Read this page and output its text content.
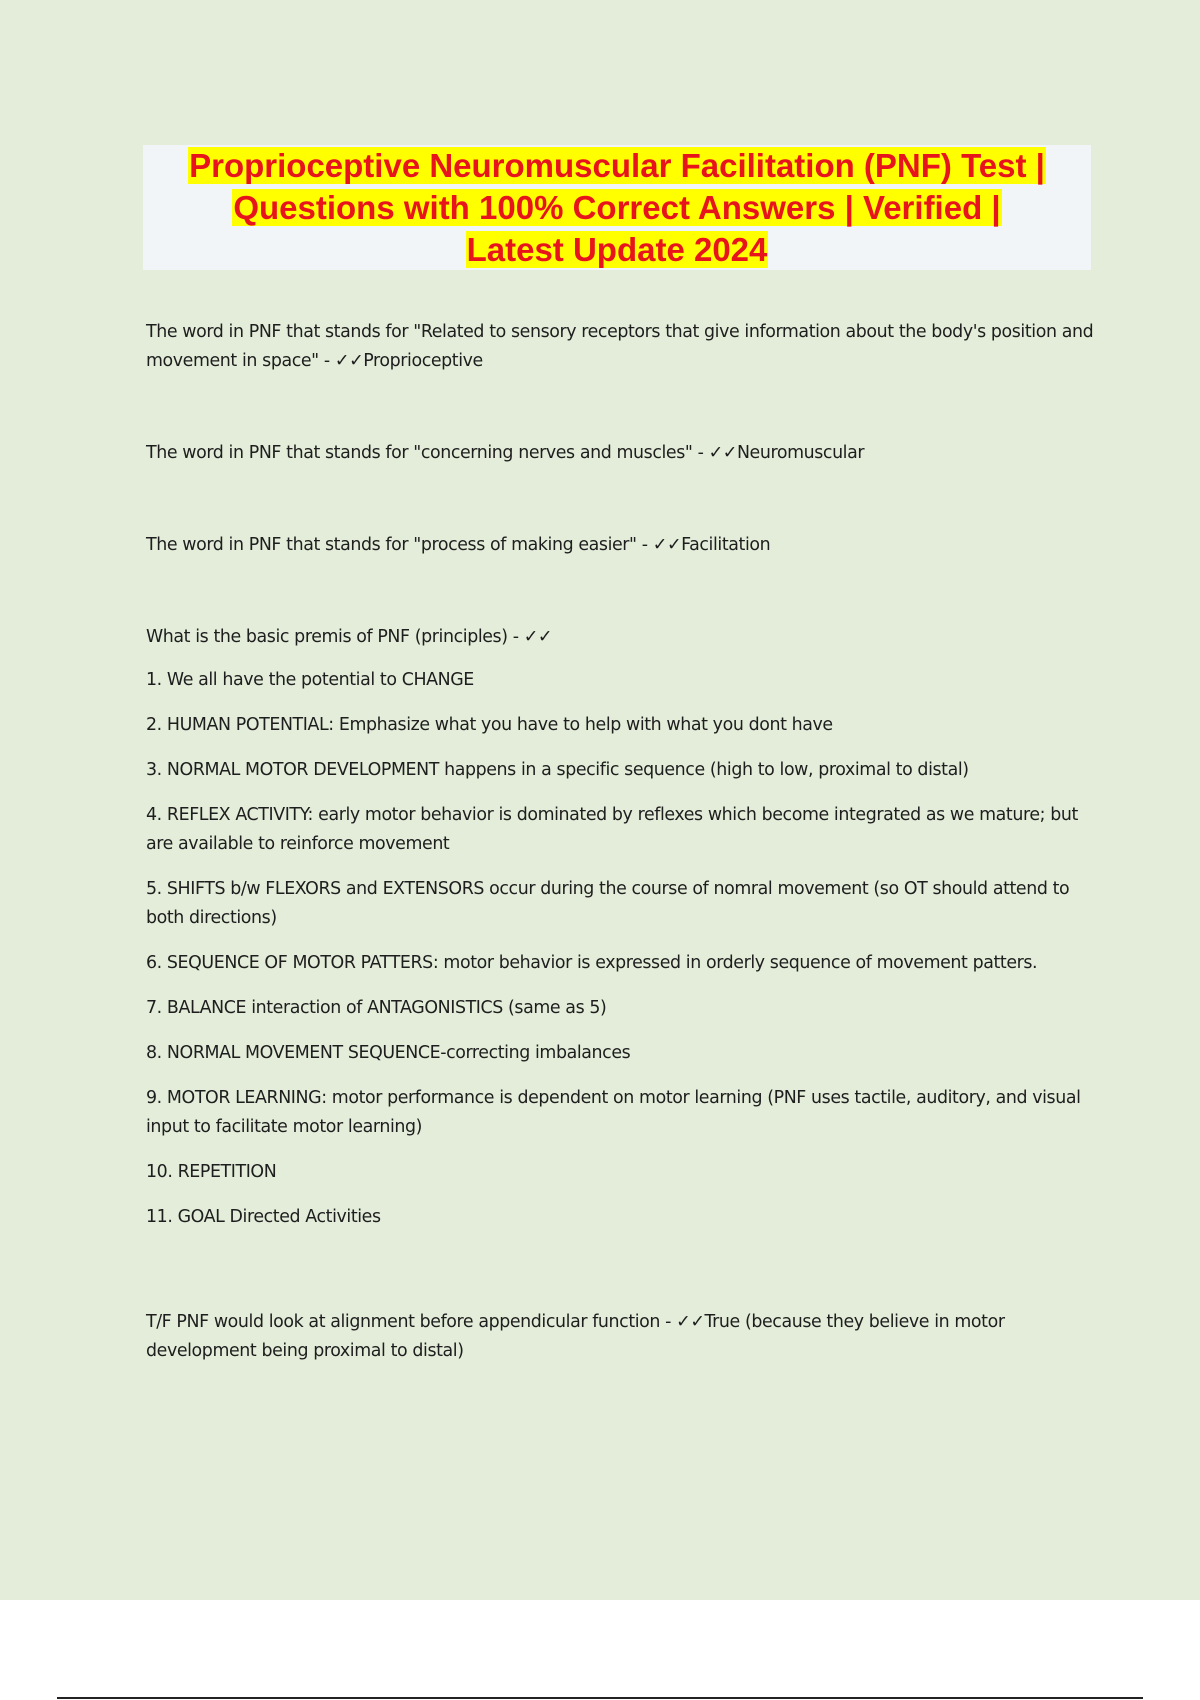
Proprioceptive Neuromuscular Facilitation (PNF) Test |
Questions with 100% Correct Answers | Verified |
Latest Update 2024

The word in PNF that stands for "Related to sensory receptors that give information about the body's position and movement in space" - ✓✓Proprioceptive

The word in PNF that stands for "concerning nerves and muscles" - ✓✓Neuromuscular

The word in PNF that stands for "process of making easier" - ✓✓Facilitation

What is the basic premis of PNF (principles) - ✓✓

1. We all have the potential to CHANGE
2. HUMAN POTENTIAL: Emphasize what you have to help with what you dont have
3. NORMAL MOTOR DEVELOPMENT happens in a specific sequence (high to low, proximal to distal)
4. REFLEX ACTIVITY: early motor behavior is dominated by reflexes which become integrated as we mature; but are available to reinforce movement
5. SHIFTS b/w FLEXORS and EXTENSORS occur during the course of nomral movement (so OT should attend to both directions)
6. SEQUENCE OF MOTOR PATTERS: motor behavior is expressed in orderly sequence of movement patters.
7. BALANCE interaction of ANTAGONISTICS (same as 5)
8. NORMAL MOVEMENT SEQUENCE-correcting imbalances
9. MOTOR LEARNING: motor performance is dependent on motor learning (PNF uses tactile, auditory, and visual input to facilitate motor learning)
10. REPETITION
11. GOAL Directed Activities

T/F PNF would look at alignment before appendicular function - ✓✓True (because they believe in motor development being proximal to distal)
